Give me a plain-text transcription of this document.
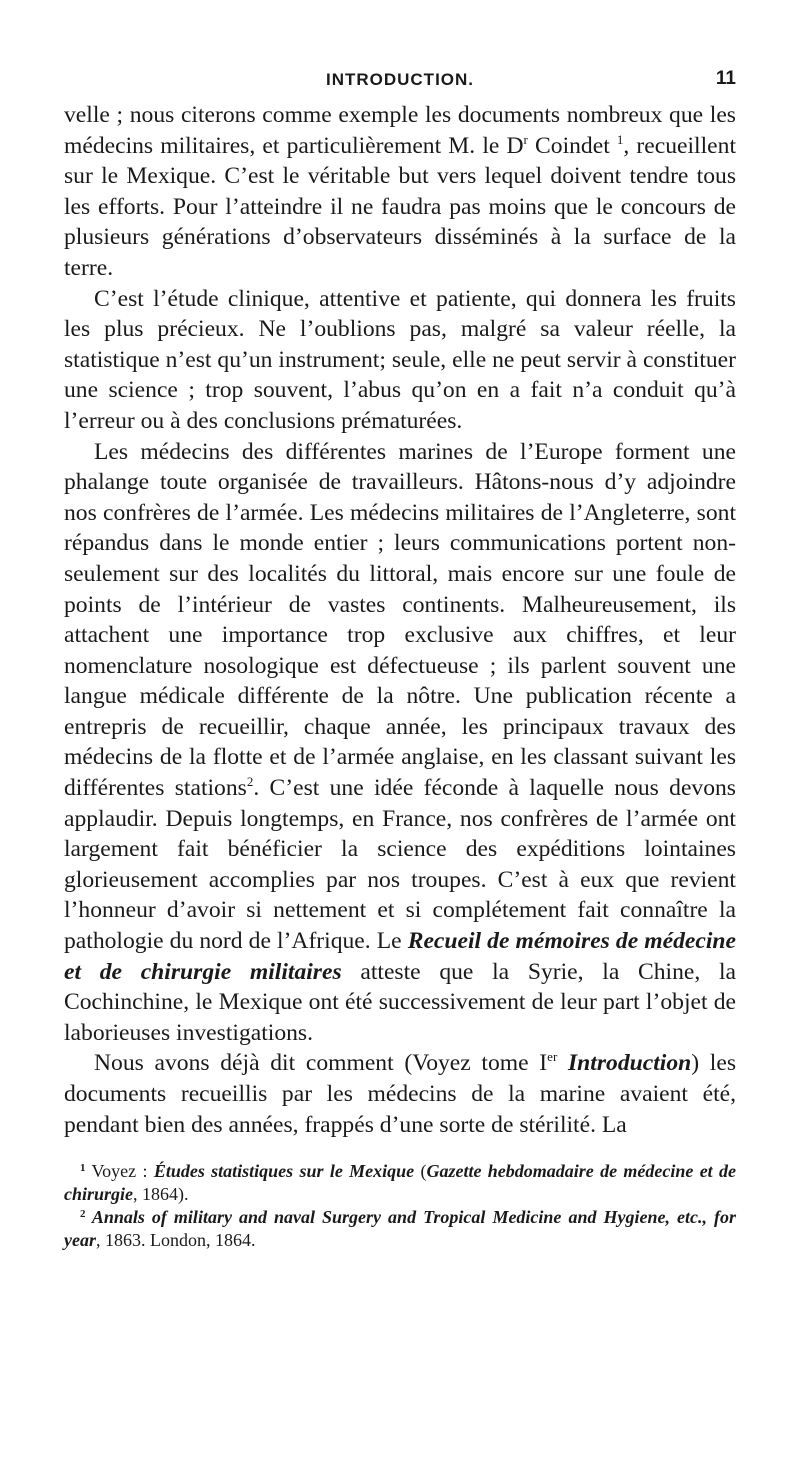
INTRODUCTION.	11

velle ; nous citerons comme exemple les documents nombreux que les médecins militaires, et particulièrement M. le $D^r$ Coindet $^1$, recueillent sur le Mexique. C’est le véritable but vers lequel doivent tendre tous les efforts. Pour l’atteindre il ne faudra pas moins que le concours de plusieurs générations d’observateurs disséminés à la surface de la terre.

C’est l’étude clinique, attentive et patiente, qui donnera les fruits les plus précieux. Ne l’oublions pas, malgré sa valeur réelle, la statistique n’est qu’un instrument; seule, elle ne peut servir à constituer une science ; trop souvent, l’abus qu’on en a fait n’a conduit qu’à l’erreur ou à des conclusions prématurées.

Les médecins des différentes marines de l’Europe forment une phalange toute organisée de travailleurs. Hâtons-nous d’y adjoindre nos confrères de l’armée. Les médecins militaires de l’Angleterre, sont répandus dans le monde entier ; leurs communications portent non-seulement sur des localités du littoral, mais encore sur une foule de points de l’intérieur de vastes continents. Malheureusement, ils attachent une importance trop exclusive aux chiffres, et leur nomenclature nosologique est défectueuse ; ils parlent souvent une langue médicale différente de la nôtre. Une publication récente a entrepris de recueillir, chaque année, les principaux travaux des médecins de la flotte et de l’armée anglaise, en les classant suivant les différentes stations$^2$. C’est une idée féconde à laquelle nous devons applaudir. Depuis longtemps, en France, nos confrères de l’armée ont largement fait bénéficier la science des expéditions lointaines glorieusement accomplies par nos troupes. C’est à eux que revient l’honneur d’avoir si nettement et si complétement fait connaître la pathologie du nord de l’Afrique. Le Recueil de mémoires de médecine et de chirurgie militaires atteste que la Syrie, la Chine, la Cochinchine, le Mexique ont été successivement de leur part l’objet de laborieuses investigations.

Nous avons déjà dit comment (Voyez tome Ier Introduction) les documents recueillis par les médecins de la marine avaient été, pendant bien des années, frappés d’une sorte de stérilité. La

$^1$ Voyez : Études statistiques sur le Mexique (Gazette hebdomadaire de médecine et de chirurgie, 1864).

$^2$ Annals of military and naval Surgery and Tropical Medicine and Hygiene, etc., for year, 1863. London, 1864.
